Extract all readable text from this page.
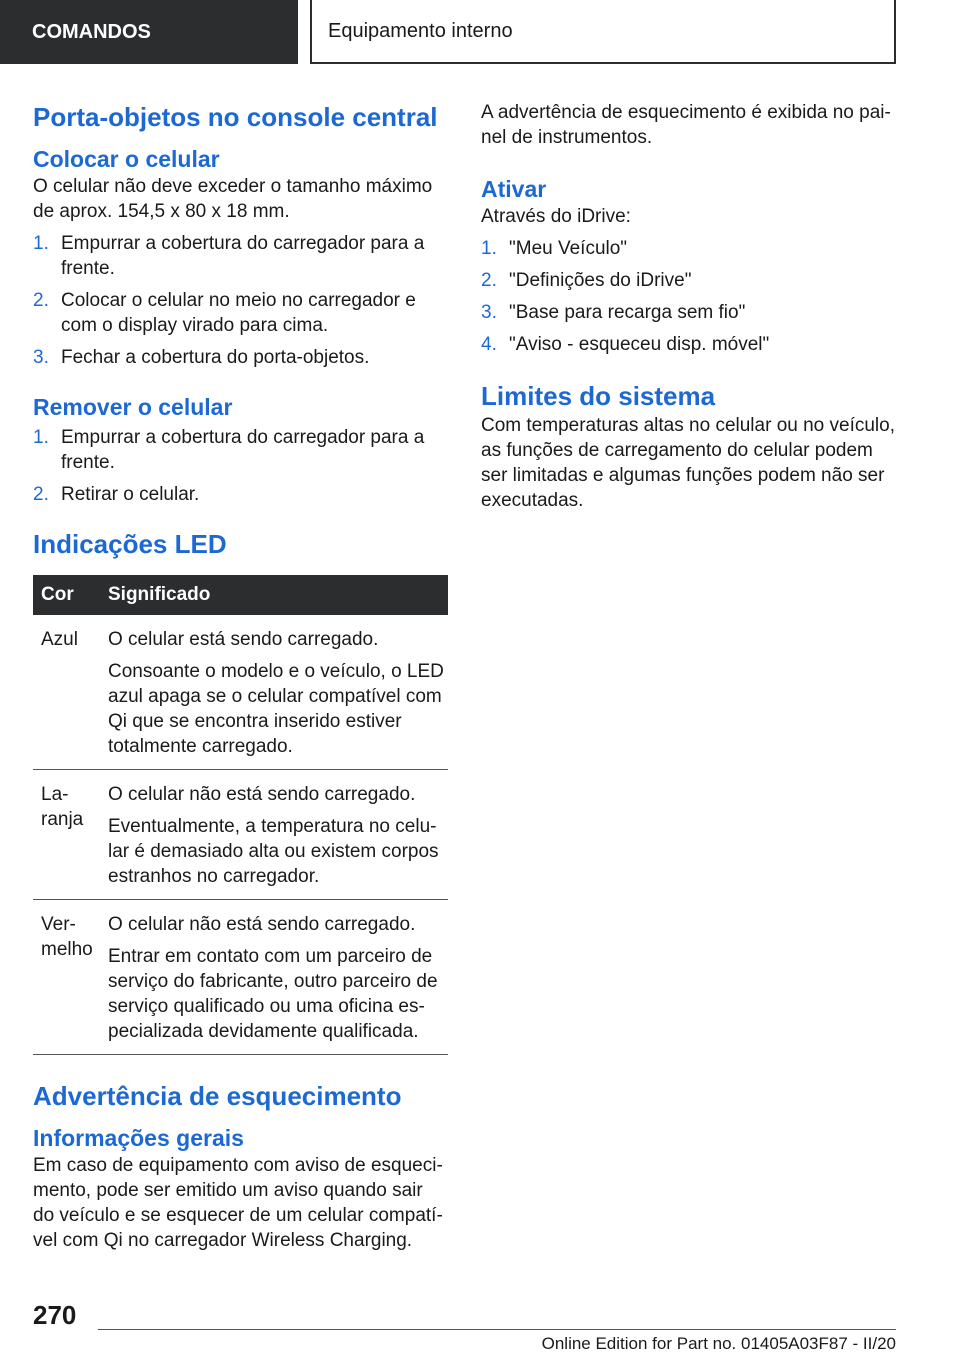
COMANDOS	Equipamento interno
Porta-objetos no console central
Colocar o celular

O celular não deve exceder o tamanho máximo de aprox. 154,5 x 80 x 18 mm.

1. Empurrar a cobertura do carregador para a frente.
2. Colocar o celular no meio no carregador e com o display virado para cima.
3. Fechar a cobertura do porta-objetos.
Remover o celular
1. Empurrar a cobertura do carregador para a frente.
2. Retirar o celular.
Indicações LED
Cor	Significado
Azul	O celular está sendo carregado.

Consoante o modelo e o veículo, o LED azul apaga se o celular compatível com Qi que se encontra inserido estiver totalmente carregado.

Laranja	O celular não está sendo carregado.

Eventualmente, a temperatura no celular é demasiado alta ou existem corpos estranhos no carregador.

Vermelho	O celular não está sendo carregado.

Entrar em contato com um parceiro de serviço do fabricante, outro parceiro de serviço qualificado ou uma oficina especializada devidamente qualificada.

Advertência de esquecimento
Informações gerais

Em caso de equipamento com aviso de esquecimento, pode ser emitido um aviso quando sair do veículo e se esquecer de um celular compatível com Qi no carregador Wireless Charging.

A advertência de esquecimento é exibida no painel de instrumentos.

Ativar

Através do iDrive:

1. "Meu Veículo"
2. "Definições do iDrive"
3. "Base para recarga sem fio"
4. "Aviso - esqueceu disp. móvel"
Limites do sistema

Com temperaturas altas no celular ou no veículo, as funções de carregamento do celular podem ser limitadas e algumas funções podem não ser executadas.

270
Online Edition for Part no. 01405A03F87 - II/20
